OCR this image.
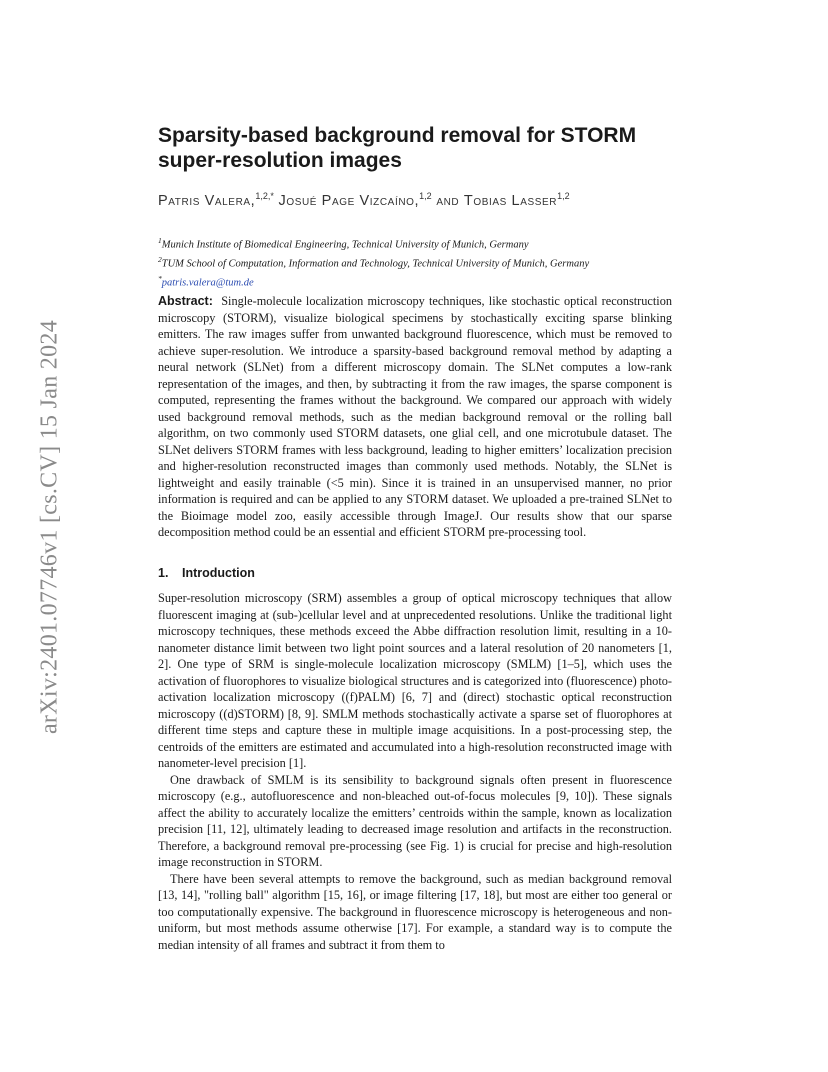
arXiv:2401.07746v1 [cs.CV] 15 Jan 2024
Sparsity-based background removal for STORM super-resolution images
Patris Valera,$^{1,2,*}$ Josué Page Vizcaíno,$^{1,2}$ and Tobias Lasser$^{1,2}$
$^1$Munich Institute of Biomedical Engineering, Technical University of Munich, Germany
$^2$TUM School of Computation, Information and Technology, Technical University of Munich, Germany
*patris.valera@tum.de
Abstract: Single-molecule localization microscopy techniques, like stochastic optical reconstruction microscopy (STORM), visualize biological specimens by stochastically exciting sparse blinking emitters. The raw images suffer from unwanted background fluorescence, which must be removed to achieve super-resolution. We introduce a sparsity-based background removal method by adapting a neural network (SLNet) from a different microscopy domain. The SLNet computes a low-rank representation of the images, and then, by subtracting it from the raw images, the sparse component is computed, representing the frames without the background. We compared our approach with widely used background removal methods, such as the median background removal or the rolling ball algorithm, on two commonly used STORM datasets, one glial cell, and one microtubule dataset. The SLNet delivers STORM frames with less background, leading to higher emitters’ localization precision and higher-resolution reconstructed images than commonly used methods. Notably, the SLNet is lightweight and easily trainable (<5 min). Since it is trained in an unsupervised manner, no prior information is required and can be applied to any STORM dataset. We uploaded a pre-trained SLNet to the Bioimage model zoo, easily accessible through ImageJ. Our results show that our sparse decomposition method could be an essential and efficient STORM pre-processing tool.
1. Introduction

Super-resolution microscopy (SRM) assembles a group of optical microscopy techniques that allow fluorescent imaging at (sub-)cellular level and at unprecedented resolutions. Unlike the traditional light microscopy techniques, these methods exceed the Abbe diffraction resolution limit, resulting in a 10-nanometer distance limit between two light point sources and a lateral resolution of 20 nanometers [1, 2]. One type of SRM is single-molecule localization microscopy (SMLM) [1–5], which uses the activation of fluorophores to visualize biological structures and is categorized into (fluorescence) photo-activation localization microscopy ((f)PALM) [6, 7] and (direct) stochastic optical reconstruction microscopy ((d)STORM) [8, 9]. SMLM methods stochastically activate a sparse set of fluorophores at different time steps and capture these in multiple image acquisitions. In a post-processing step, the centroids of the emitters are estimated and accumulated into a high-resolution reconstructed image with nanometer-level precision [1].

One drawback of SMLM is its sensibility to background signals often present in fluorescence microscopy (e.g., autofluorescence and non-bleached out-of-focus molecules [9, 10]). These signals affect the ability to accurately localize the emitters’ centroids within the sample, known as localization precision [11, 12], ultimately leading to decreased image resolution and artifacts in the reconstruction. Therefore, a background removal pre-processing (see Fig. 1) is crucial for precise and high-resolution image reconstruction in STORM.

There have been several attempts to remove the background, such as median background removal [13, 14], "rolling ball" algorithm [15, 16], or image filtering [17, 18], but most are either too general or too computationally expensive. The background in fluorescence microscopy is heterogeneous and non-uniform, but most methods assume otherwise [17]. For example, a standard way is to compute the median intensity of all frames and subtract it from them to
